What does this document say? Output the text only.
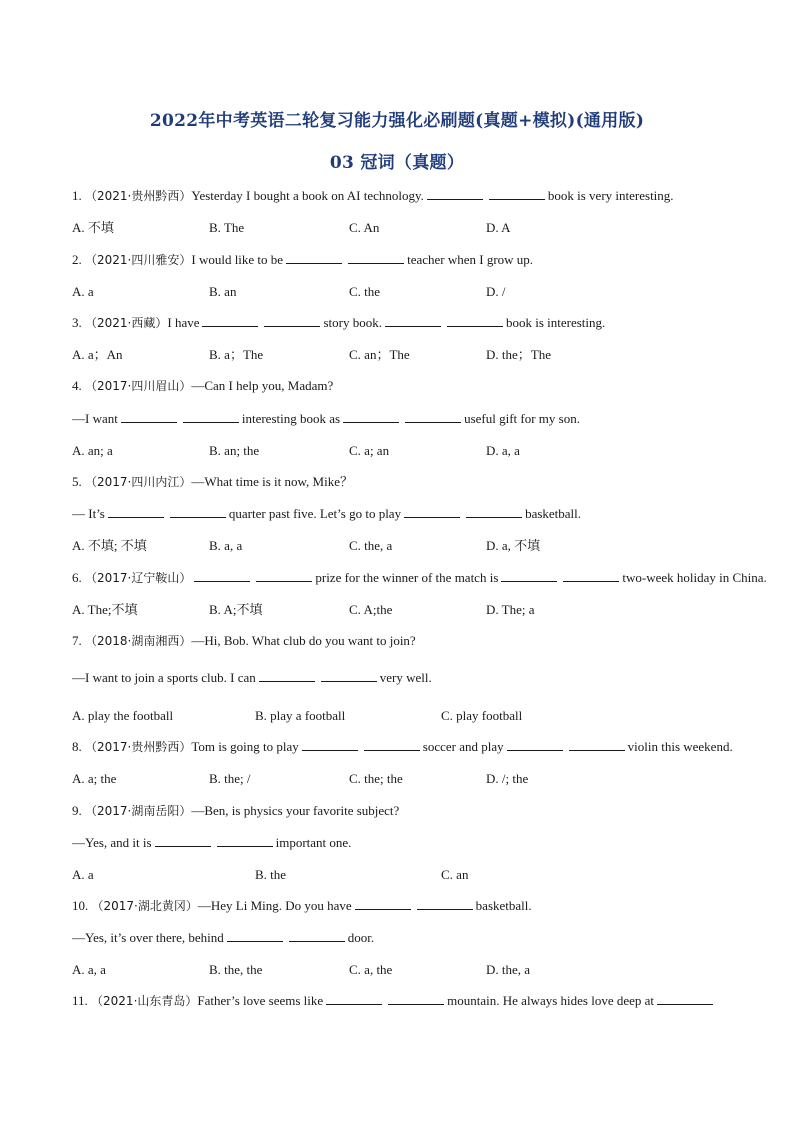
2022年中考英语二轮复习能力强化必刷题(真题+模拟)(通用版)
03 冠词（真题）
1. （2021·贵州黔西）Yesterday I bought a book on AI technology.	book is very interesting.
A. 不填	B. The	C. An	D. A
2. （2021·四川雅安）I would like to be	teacher when I grow up.
A. a	B. an	C. the	D. /
3. （2021·西藏）I have	story book.	book is interesting.
A. a；An	B. a；The	C. an；The	D. the；The
4. （2017·四川眉山）—Can I help you, Madam?
—I want	interesting book as	useful gift for my son.
A. an; a	B. an; the	C. a; an	D. a, a
5. （2017·四川内江）—What time is it now, Mike？
— It’s	quarter past five. Let’s go to play	basketball.
A. 不填; 不填	B. a, a	C. the, a	D. a, 不填
6. （2017·辽宁鞍山）	prize for the winner of the match is	two-week holiday in China.
A. The;不填	B. A;不填	C. A;the	D. The; a
7. （2018·湖南湘西）—Hi, Bob. What club do you want to join?
—I want to join a sports club. I can	very well.
A. play the football	B. play a football	C. play football
8. （2017·贵州黔西）Tom is going to play	soccer and play	violin this weekend.
A. a; the	B. the; /	C. the; the	D. /; the
9. （2017·湖南岳阳）—Ben, is physics your favorite subject?
—Yes, and it is	important one.
A. a	B. the	C. an
10. （2017·湖北黄冈）—Hey Li Ming. Do you have	basketball.
—Yes, it’s over there, behind	door.
A. a, a	B. the, the	C. a, the	D. the, a
11. （2021·山东青岛）Father’s love seems like	mountain. He always hides love deep at
